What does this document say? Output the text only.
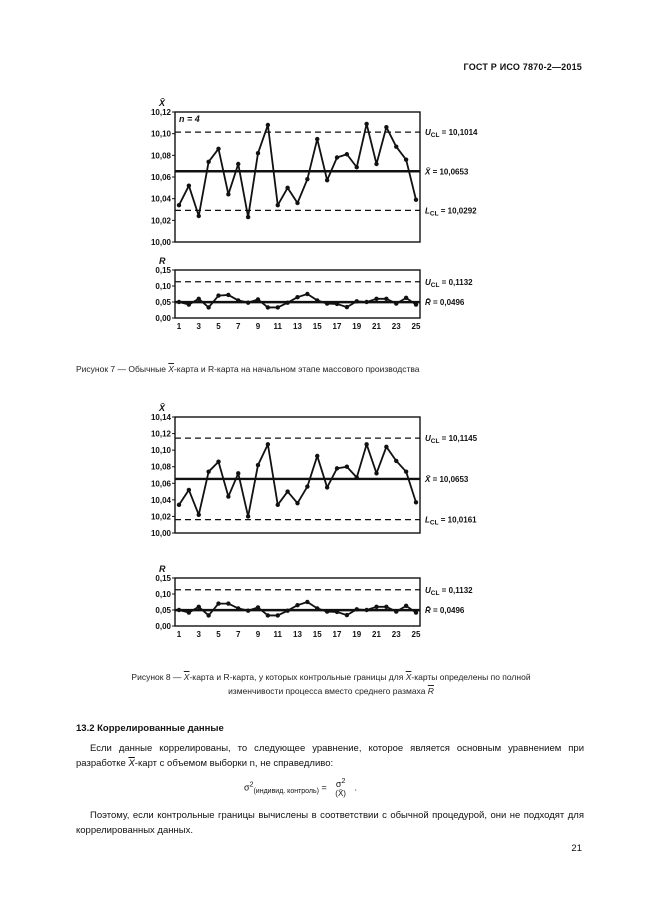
ГОСТ Р ИСО 7870-2—2015
10,12
10,10
10,08
10,06
10,04
10,02
10,00
X̄
n = 4
$U_{CL} = 10,1014$
X̄ = 10,0653
$L_{CL} = 10,0292$
0,15
0,10
0,05
0,00
R
$U_{CL} = 0,1132$
R̄ = 0,0496
1 3 5 7 9 11 13 15 17 19 21 23 25
10,14
10,12
10,10
10,08
10,06
10,04
10,02
10,00
X̄
$U_{CL} = 10,1145$
X̄ = 10,0653
$L_{CL} = 10,0161$
0,15
0,10
0,05
0,00
R
$U_{CL} = 0,1132$
R̄ = 0,0496
1 3 5 7 9 11 13 15 17 19 21 23 25
Рисунок 7 — Обычные $\overline{X}$-карта и R-карта на начальном этапе массового производства
Рисунок 8 — $\overline{X}$-карта и R-карта, у которых контрольные границы для $\overline{X}$-карты определены по полной
изменчивости процесса вместо среднего размаха $\overline{R}$
13.2 Коррелированные данные
Если данные коррелированы, то следующее уравнение, которое является основным уравнением при разработке $\overline{X}$-карт с объемом выборки n, не справедливо:
$\sigma^2_{(индивид. контроль)} = \sigma^2$
(X̄)
.
Поэтому, если контрольные границы вычислены в соответствии с обычной процедурой, они не подходят для коррелированных данных.
21
